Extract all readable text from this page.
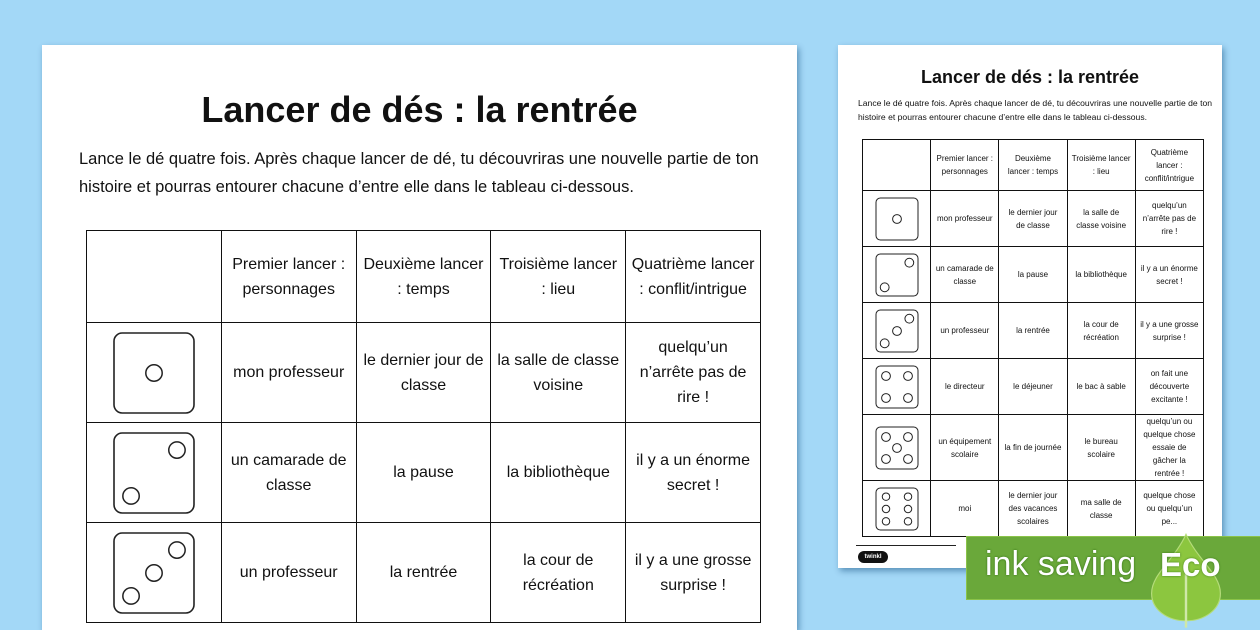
Lancer de dés : la rentrée
Lance le dé quatre fois. Après chaque lancer de dé, tu découvriras une nouvelle partie de ton histoire et pourras entourer chacune d’entre elle dans le tableau ci-dessous.
	Premier lancer : personnages	Deuxième lancer : temps	Troisième lancer : lieu	Quatrième lancer : conflit/intrigue

	mon professeur	le dernier jour de classe	la salle de classe voisine	quelqu’un n’arrête pas de rire !

	un camarade de classe	la pause	la bibliothèque	il y a un énorme secret !

	un professeur	la rentrée	la cour de récréation	il y a une grosse surprise !
Lancer de dés : la rentrée
Lance le dé quatre fois. Après chaque lancer de dé, tu découvriras une nouvelle partie de ton histoire et pourras entourer chacune d’entre elle dans le tableau ci-dessous.
	Premier lancer : personnages	Deuxième lancer : temps	Troisième lancer : lieu	Quatrième lancer : conflit/intrigue

	mon professeur	le dernier jour de classe	la salle de classe voisine	quelqu’un n’arrête pas de rire !

	un camarade de classe	la pause	la bibliothèque	il y a un énorme secret !

	un professeur	la rentrée	la cour de récréation	il y a une grosse surprise !

	le directeur	le déjeuner	le bac à sable	on fait une découverte excitante !

	un équipement scolaire	la fin de journée	le bureau scolaire	quelqu’un ou quelque chose essaie de gâcher la rentrée !

	moi	le dernier jour des vacances scolaires	ma salle de classe	quelque chose ou quelqu’un pe...
twinkl	ink saving Eco
